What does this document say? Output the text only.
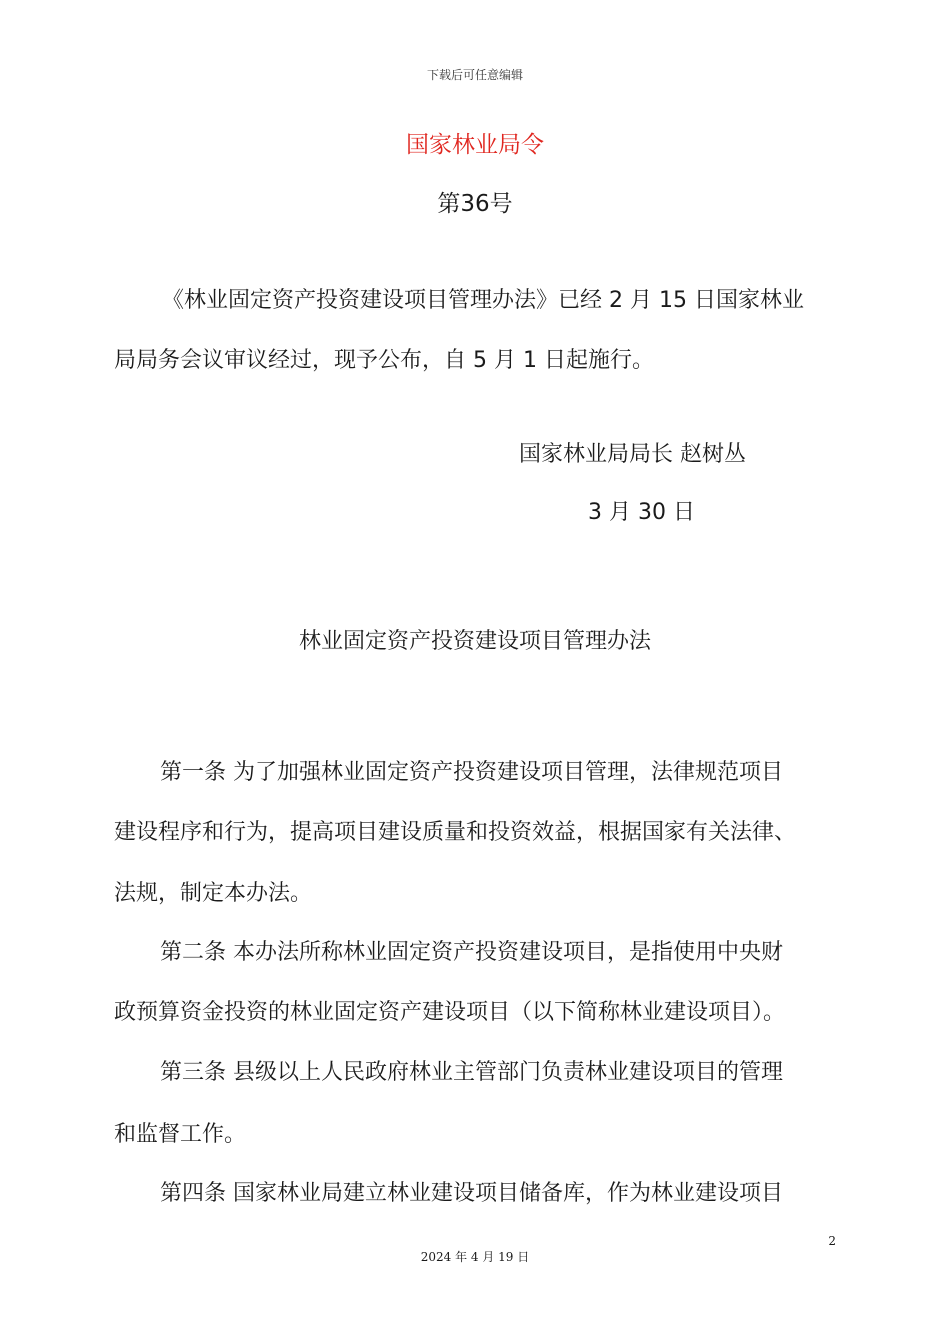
下载后可任意编辑
国家林业局令
第36号
《林业固定资产投资建设项目管理办法》已经 2 月 15 日国家林业
局局务会议审议经过，现予公布，自 5 月 1 日起施行。
国家林业局局长 赵树丛
3 月 30 日
林业固定资产投资建设项目管理办法
第一条 为了加强林业固定资产投资建设项目管理，法律规范项目
建设程序和行为，提高项目建设质量和投资效益，根据国家有关法律、
法规，制定本办法。
第二条 本办法所称林业固定资产投资建设项目，是指使用中央财
政预算资金投资的林业固定资产建设项目（以下简称林业建设项目）。
第三条 县级以上人民政府林业主管部门负责林业建设项目的管理
和监督工作。
第四条 国家林业局建立林业建设项目储备库，作为林业建设项目
2
2024 年 4 月 19 日
